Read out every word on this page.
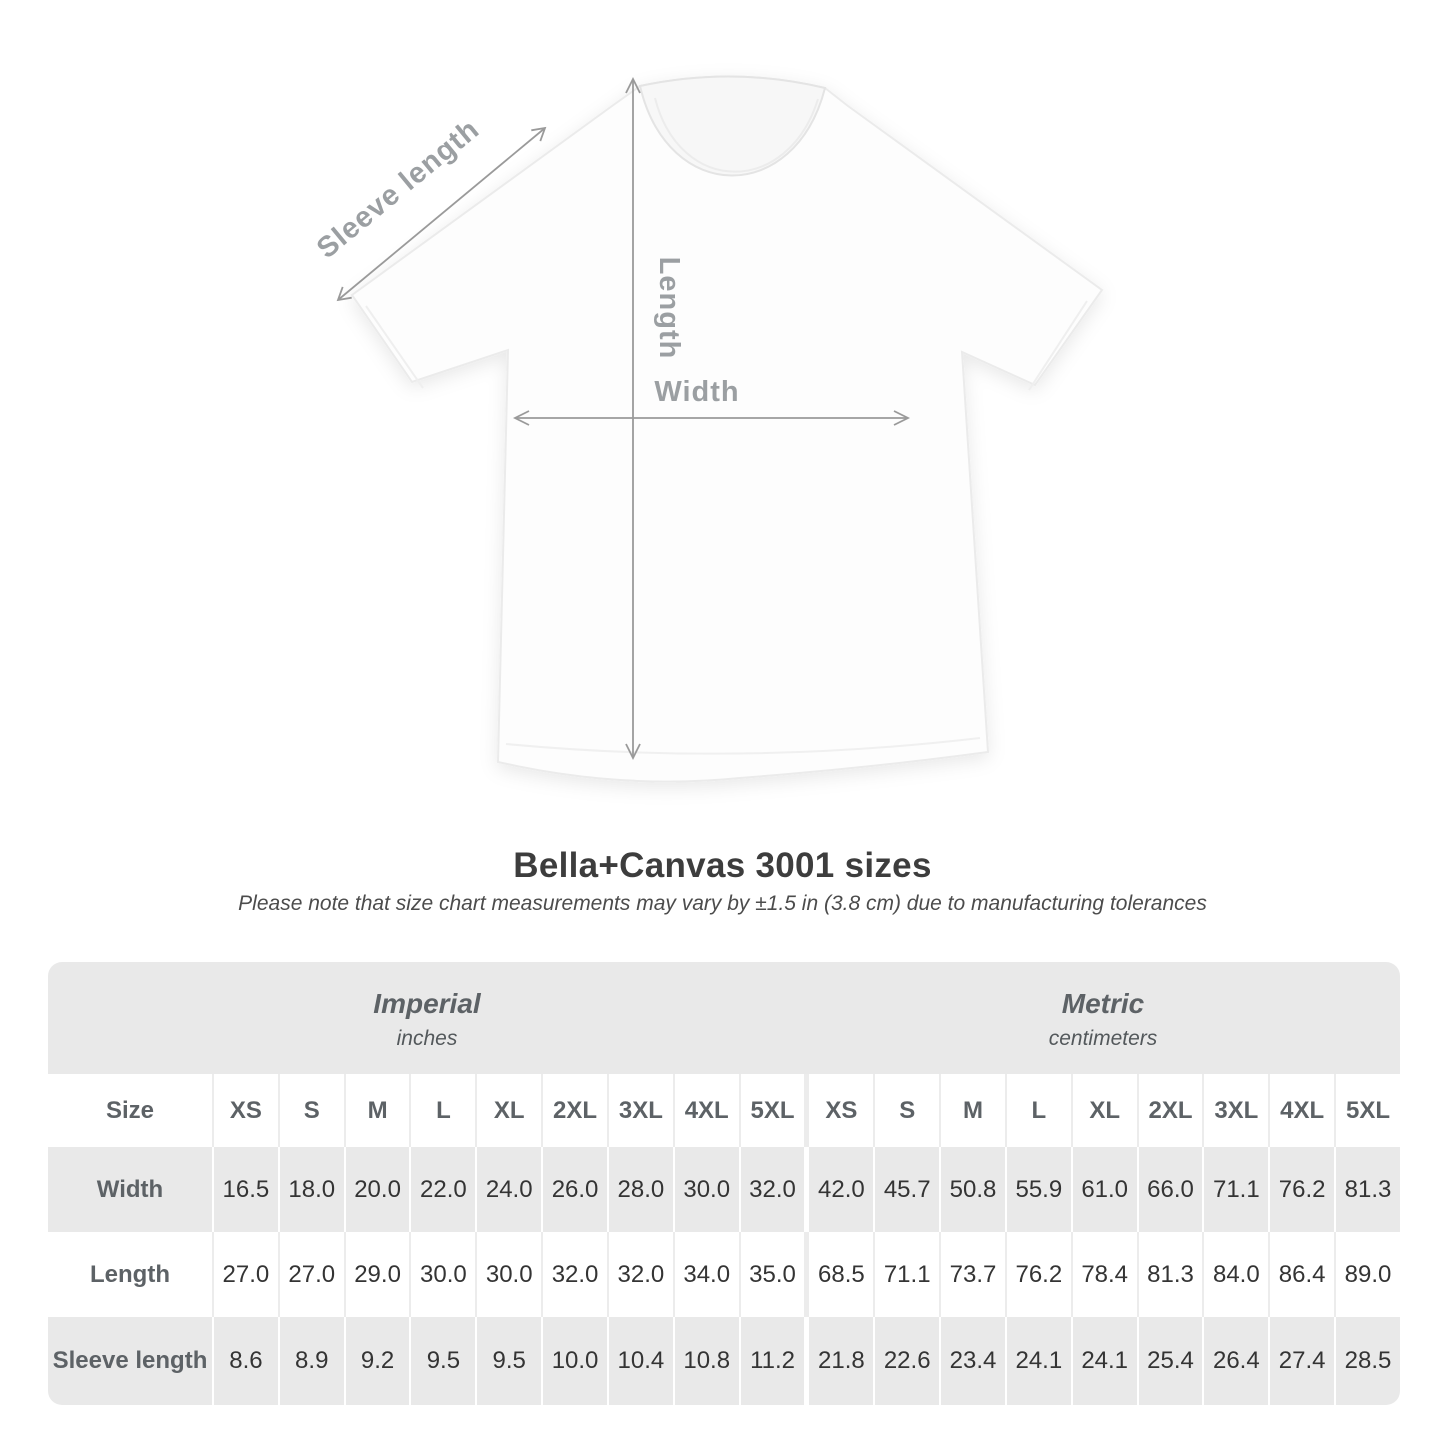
Sleeve length
Length
Width
Bella+Canvas 3001 sizes
Please note that size chart measurements may vary by ±1.5 in (3.8 cm) due to manufacturing tolerances
Imperial
inches
Metric
centimeters
Size	XS	S	M	L	XL	2XL 3XL 4XL 5XL	XS	S	M	L	XL	2XL 3XL 4XL 5XL
Width	16.5 18.0 20.0 22.0 24.0 26.0 28.0 30.0 32.0 42.0 45.7 50.8 55.9 61.0 66.0 71.1 76.2 81.3
Length	27.0 27.0 29.0 30.0 30.0 32.0 32.0 34.0 35.0 68.5 71.1 73.7 76.2 78.4 81.3 84.0 86.4 89.0
Sleeve length 8.6	8.9	9.2	9.5	9.5	10.0 10.4 10.8 11.2 21.8 22.6 23.4 24.1 24.1 25.4 26.4 27.4 28.5
